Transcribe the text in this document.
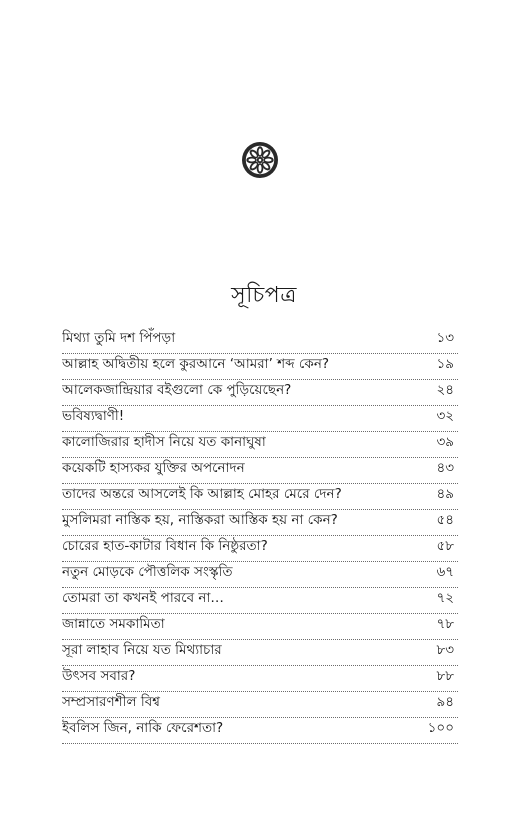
সূচিপত্র
মিথ্যা তুমি দশ পিঁপড়া	১৩
আল্লাহ অদ্বিতীয় হলে কুরআনে ‘আমরা’ শব্দ কেন?	১৯
আলেকজান্দ্রিয়ার বইগুলো কে পুড়িয়েছেন?	২৪
ভবিষ্যদ্বাণী!	৩২
কালোজিরার হাদীস নিয়ে যত কানাঘুষা	৩৯
কয়েকটি হাস্যকর যুক্তির অপনোদন	৪৩
তাদের অন্তরে আসলেই কি আল্লাহ মোহর মেরে দেন?	৪৯
মুসলিমরা নাস্তিক হয়, নাস্তিকরা আস্তিক হয় না কেন?	৫৪
চোরের হাত-কাটার বিধান কি নিষ্ঠুরতা?	৫৮
নতুন মোড়কে পৌত্তলিক সংস্কৃতি	৬৭
তোমরা তা কখনই পারবে না…	৭২
জান্নাতে সমকামিতা	৭৮
সূরা লাহাব নিয়ে যত মিথ্যাচার	৮৩
উৎসব সবার?	৮৮
সম্প্রসারণশীল বিশ্ব	৯৪
ইবলিস জিন, নাকি ফেরেশতা?	১০০
